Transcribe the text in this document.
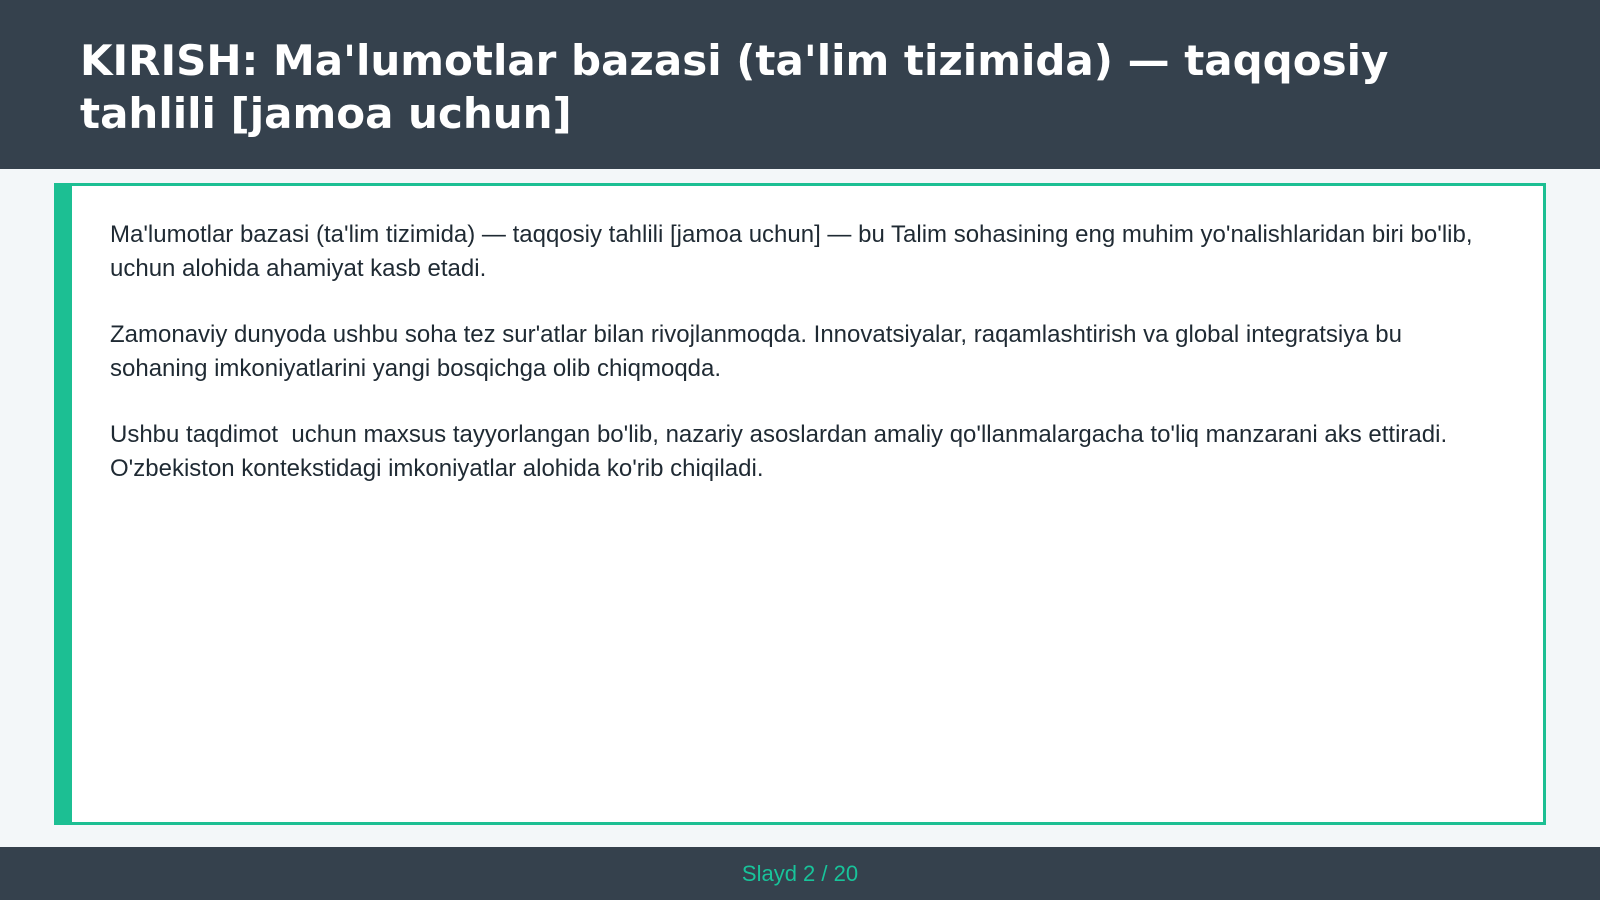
KIRISH: Ma'lumotlar bazasi (ta'lim tizimida) — taqqosiy tahlili [jamoa uchun]

Ma'lumotlar bazasi (ta'lim tizimida) — taqqosiy tahlili [jamoa uchun] — bu Talim sohasining eng muhim yo'nalishlaridan biri bo'lib,  uchun alohida ahamiyat kasb etadi.

Zamonaviy dunyoda ushbu soha tez sur'atlar bilan rivojlanmoqda. Innovatsiyalar, raqamlashtirish va global integratsiya bu sohaning imkoniyatlarini yangi bosqichga olib chiqmoqda.

Ushbu taqdimot  uchun maxsus tayyorlangan bo'lib, nazariy asoslardan amaliy qo'llanmalargacha to'liq manzarani aks ettiradi. O'zbekiston kontekstidagi imkoniyatlar alohida ko'rib chiqiladi.

Slayd 2 / 20
